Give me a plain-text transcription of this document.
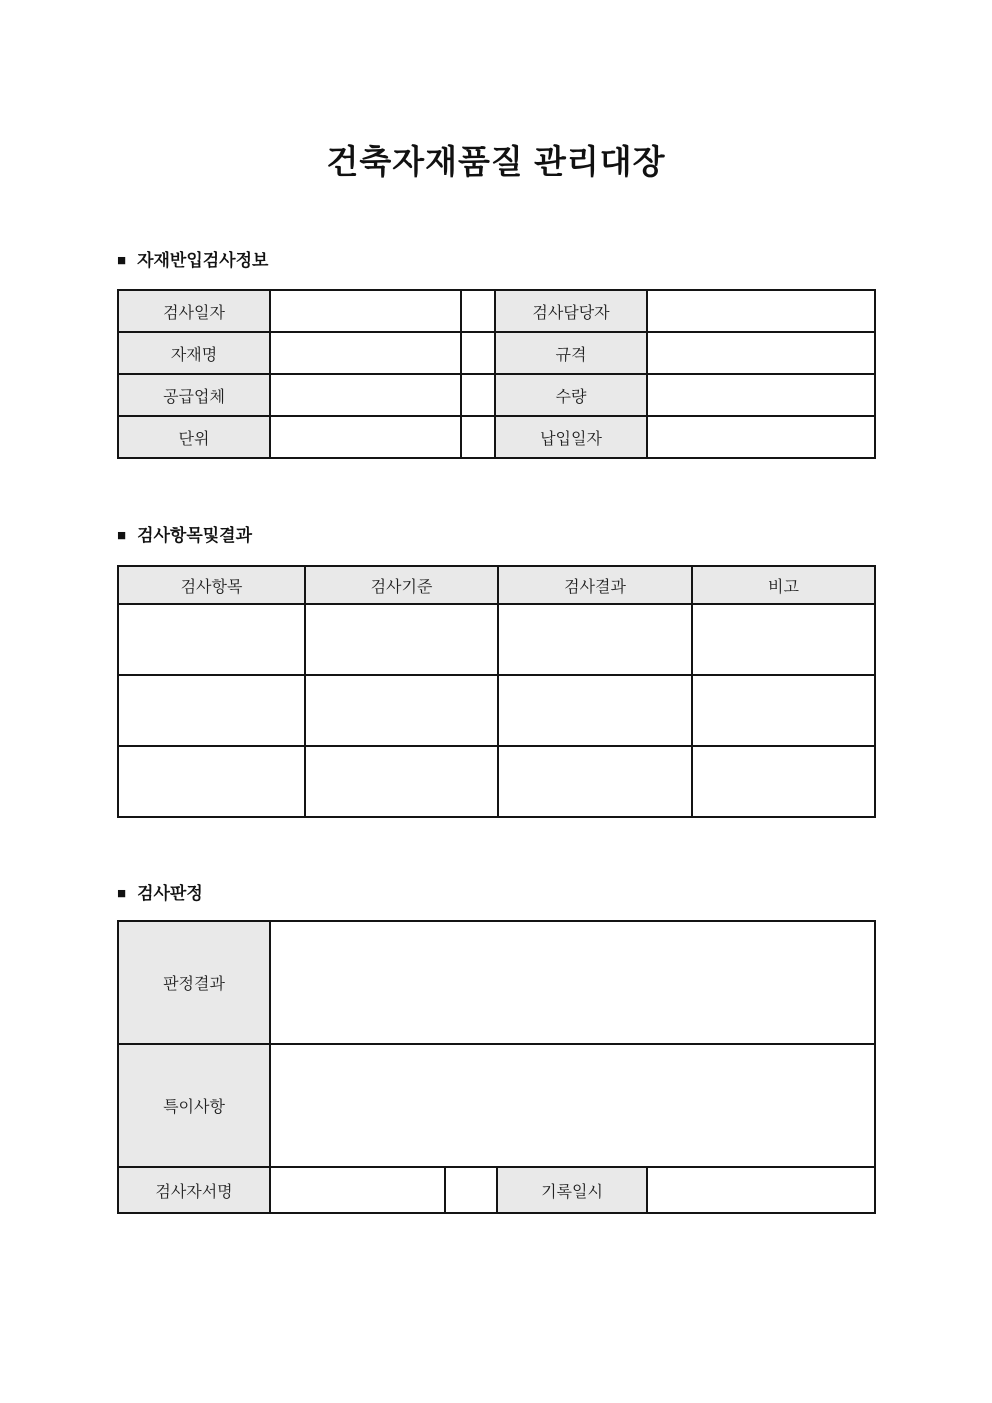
건축자재품질 관리대장
■ 자재반입검사정보
검사일자			검사담당자	
자재명			규격	
공급업체			수량	
단위			납입일자	
■ 검사항목및결과
검사항목	검사기준	검사결과	비고

■ 검사판정
판정결과				
특이사항				
검사자서명			기록일시	
